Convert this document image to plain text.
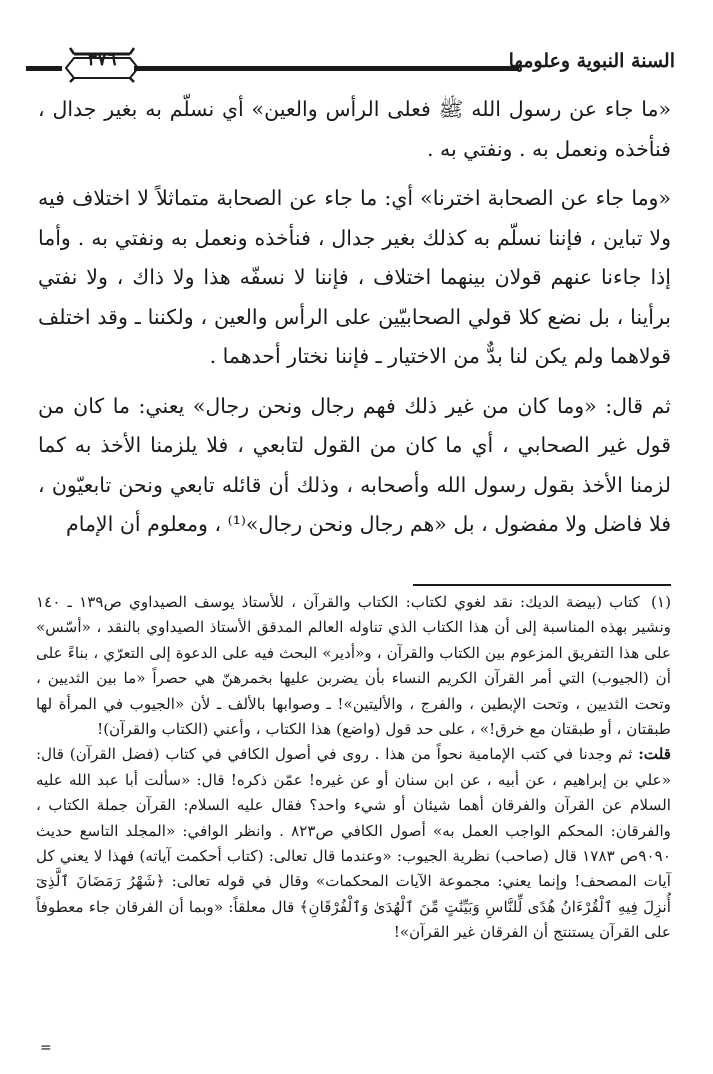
٣٧٦	السنة النبوية وعلومها

«ما جاء عن رسول الله ﷺ فعلى الرأس والعين» أي نسلّم به بغير جدال ، فنأخذه ونعمل به . ونفتي به .

«وما جاء عن الصحابة اخترنا» أي: ما جاء عن الصحابة متماثلاً لا اختلاف فيه ولا تباين ، فإننا نسلّم به كذلك بغير جدال ، فنأخذه ونعمل به ونفتي به . وأما إذا جاءنا عنهم قولان بينهما اختلاف ، فإننا لا نسفّه هذا ولا ذاك ، ولا نفتي برأينا ، بل نضع كلا قولي الصحابيّين على الرأس والعين ، ولكننا ـ وقد اختلف قولاهما ولم يكن لنا بدٌّ من الاختيار ـ فإننا نختار أحدهما .

ثم قال: «وما كان من غير ذلك فهم رجال ونحن رجال» يعني: ما كان من قول غير الصحابي ، أي ما كان من القول لتابعي ، فلا يلزمنا الأخذ به كما لزمنا الأخذ بقول رسول الله وأصحابه ، وذلك أن قائله تابعي ونحن تابعيّون ، فلا فاضل ولا مفضول ، بل «هم رجال ونحن رجال»⁽¹⁾ ، ومعلوم أن الإمام

(١) كتاب (بيضة الديك: نقد لغوي لكتاب: الكتاب والقرآن ، للأستاذ يوسف الصيداوي ص١٣٩ ـ ١٤٠ ونشير بهذه المناسبة إلى أن هذا الكتاب الذي تناوله العالم المدقق الأستاذ الصيداوي بالنقد ، «أسّس» على هذا التفريق المزعوم بين الكتاب والقرآن ، و«أدير» البحث فيه على الدعوة إلى التعرّي ، بناءً على أن (الجيوب) التي أمر القرآن الكريم النساء بأن يضربن عليها بخمرهنّ هي حصراً «ما بين الثديين ، وتحت الثديين ، وتحت الإبطين ، والفرج ، والأليتين»! ـ وصوابها بالألف ـ لأن «الجيوب في المرأة لها طبقتان ، أو طبقتان مع خرق!» ، على حد قول (واضع) هذا الكتاب ، وأعني (الكتاب والقرآن)!

قلت: ثم وجدنا في كتب الإمامية نحواً من هذا . روى في أصول الكافي في كتاب (فضل القرآن) قال: «علي بن إبراهيم ، عن أبيه ، عن ابن سنان أو عن غيره! عمّن ذكره! قال: «سألت أبا عبد الله عليه السلام عن القرآن والفرقان أهما شيئان أو شيء واحد؟ فقال عليه السلام: القرآن جملة الكتاب ، والفرقان: المحكم الواجب العمل به» أصول الكافي ص٨٢٣ . وانظر الوافي: «المجلد التاسع حديث ٩٠٩٠ص ١٧٨٣ قال (صاحب) نظرية الجيوب: «وعندما قال تعالى: (كتاب أحكمت آياته) فهذا لا يعني كل آيات المصحف! وإنما يعني: مجموعة الآيات المحكمات» وقال في قوله تعالى: ﴿شَهْرُ رَمَضَانَ ٱلَّذِىٓ أُنزِلَ فِيهِ ٱلْقُرْءَانُ هُدًى لِّلنَّاسِ وَبَيِّنَٰتٍ مِّنَ ٱلْهُدَىٰ وَٱلْفُرْقَانِ﴾ قال معلقاً: «وبما أن الفرقان جاء معطوفاً على القرآن يستنتج أن الفرقان غير القرآن»!

=
